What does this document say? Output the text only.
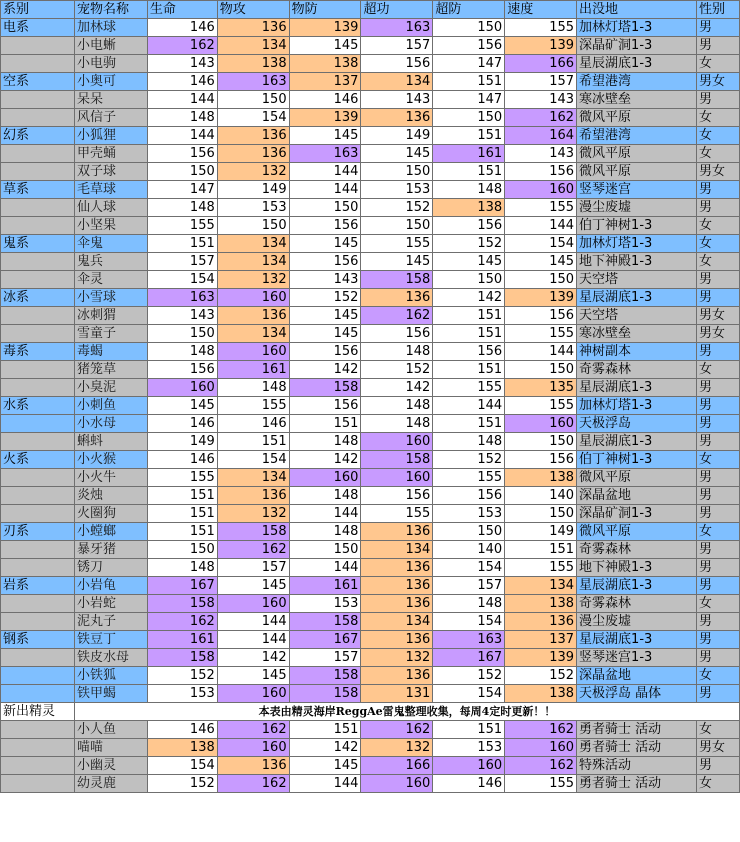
系别	宠物名称	生命	物攻	物防	超功	超防	速度	出没地	性别
电系	加林球	146	136	139	163	150	155	加林灯塔1-3	男
	小电蜥	162	134	145	157	156	139	深晶矿洞1-3	男
	小电驹	143	138	138	156	147	166	星辰湖底1-3	女
空系	小奥可	146	163	137	134	151	157	希望港湾	男女
	呆呆	144	150	146	143	147	143	寒冰壁垒	男
	风信子	148	154	139	136	150	162	微风平原	女
幻系	小狐狸	144	136	145	149	151	164	希望港湾	女
	甲壳蛹	156	136	163	145	161	143	微风平原	女
	双子球	150	132	144	150	151	156	微风平原	男女
草系	毛草球	147	149	144	153	148	160	竖琴迷宫	男
	仙人球	148	153	150	152	138	155	漫尘废墟	男
	小坚果	155	150	156	150	156	144	伯丁神树1-3	女
鬼系	伞鬼	151	134	145	155	152	154	加林灯塔1-3	女
	鬼兵	157	134	156	145	145	145	地下神殿1-3	女
	伞灵	154	132	143	158	150	150	天空塔	男
冰系	小雪球	163	160	152	136	142	139	星辰湖底1-3	男
	冰刺猬	143	136	145	162	151	156	天空塔	男女
	雪童子	150	134	145	156	151	155	寒冰壁垒	男女
毒系	毒蝎	148	160	156	148	156	144	神树副本	男
	猪笼草	156	161	142	152	151	150	奇雾森林	女
	小臭泥	160	148	158	142	155	135	星辰湖底1-3	男
水系	小刺鱼	145	155	156	148	144	155	加林灯塔1-3	男
	小水母	146	146	151	148	151	160	天极浮岛	男
	蝌蚪	149	151	148	160	148	150	星辰湖底1-3	男
火系	小火猴	146	154	142	158	152	156	伯丁神树1-3	女
	小火牛	155	134	160	160	155	138	微风平原	男
	炎烛	151	136	148	156	156	140	深晶盆地	男
	火圈狗	151	132	144	155	153	150	深晶矿洞1-3	男
刃系	小螳螂	151	158	148	136	150	149	微风平原	女
	暴牙猪	150	162	150	134	140	151	奇雾森林	男
	锈刀	148	157	144	136	154	155	地下神殿1-3	男
岩系	小岩龟	167	145	161	136	157	134	星辰湖底1-3	男
	小岩蛇	158	160	153	136	148	138	奇雾森林	女
	泥丸子	162	144	158	134	154	136	漫尘废墟	男
钢系	铁豆丁	161	144	167	136	163	137	星辰湖底1-3	男
	铁皮水母	158	142	157	132	167	139	竖琴迷宫1-3	男
	小铁狐	152	145	158	136	152	152	深晶盆地	女
	铁甲蝎	153	160	158	131	154	138	天极浮岛 晶体	男
新出精灵	本表由精灵海岸ReggAe雷鬼整理收集，每周4定时更新！！								
	小人鱼	146	162	151	162	151	162	勇者骑士 活动	女
	喵喵	138	160	142	132	153	160	勇者骑士 活动	男女
	小幽灵	154	136	145	166	160	162	特殊活动	男
	幼灵鹿	152	162	144	160	146	155	勇者骑士 活动	女
